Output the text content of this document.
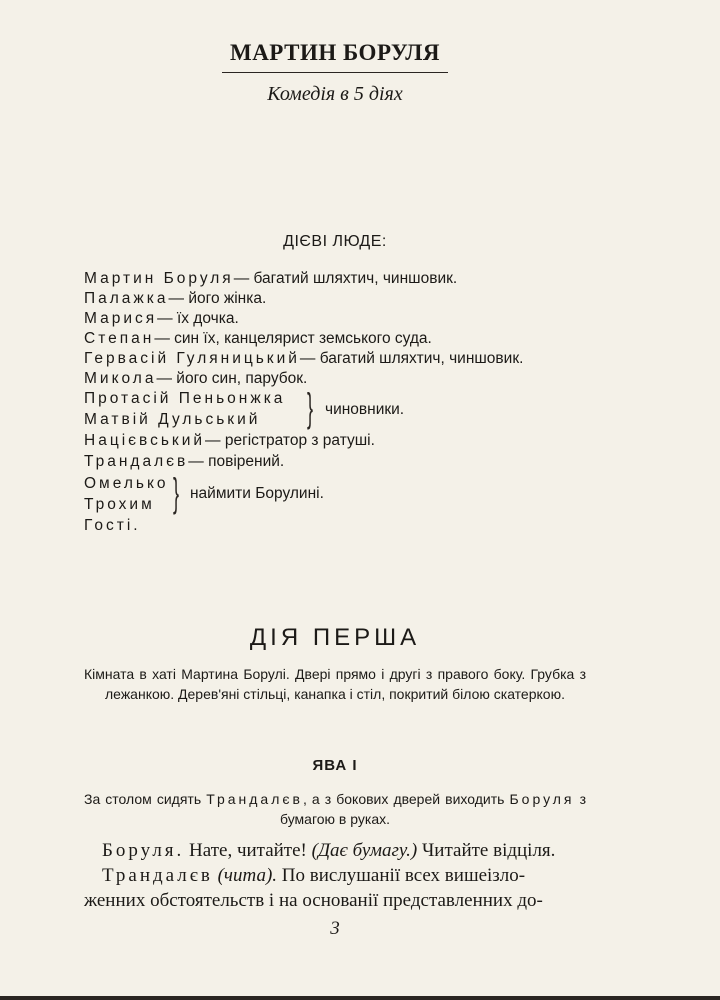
МАРТИН БОРУЛЯ
Комедія в 5 діях
ДІЄВІ ЛЮДЕ:
Мартин Боруля— багатий шляхтич, чиншовик.
Палажка— його жінка.
Марися— їх дочка.
Степан— син їх, канцелярист земського суда.
Гервасій Гуляницький— багатий шляхтич, чиншовик.
Микола— його син, парубок.
Протасій Пеньонжка
Матвій Дульський } чиновники.
Націєвський— регістратор з ратуші.
Трандалєв— повірений.
Омелько
Трохим } наймити Борулині.
Гості.
ДІЯ ПЕРША
Кімната в хаті Мартина Борулі. Двері прямо і другі з правого боку. Грубка з лежанкою. Дерев'яні стільці, канапка і стіл, покритий білою скатеркою.
ЯВА І
За столом сидять Трандалєв, а з бокових дверей виходить Боруля з бумагою в руках.
Боруля. Нате, читайте! (Дає бумагу.) Читайте відціля.
Трандалєв (чита). По вислушанії всех вишеізло-
женних обстоятельств і на основанії представленних до-
3
